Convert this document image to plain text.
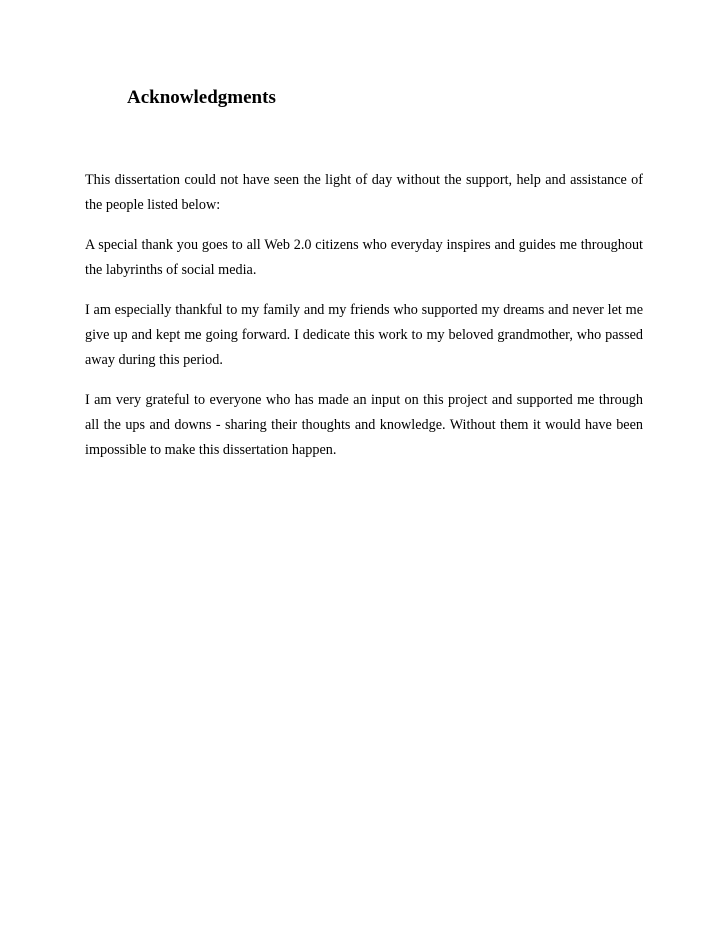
Acknowledgments

This dissertation could not have seen the light of day without the support, help and assistance of the people listed below:

A special thank you goes to all Web 2.0 citizens who everyday inspires and guides me throughout the labyrinths of social media.

I am especially thankful to my family and my friends who supported my dreams and never let me give up and kept me going forward. I dedicate this work to my beloved grandmother, who passed away during this period.

I am very grateful to everyone who has made an input on this project and supported me through all the ups and downs - sharing their thoughts and knowledge. Without them it would have been impossible to make this dissertation happen.
